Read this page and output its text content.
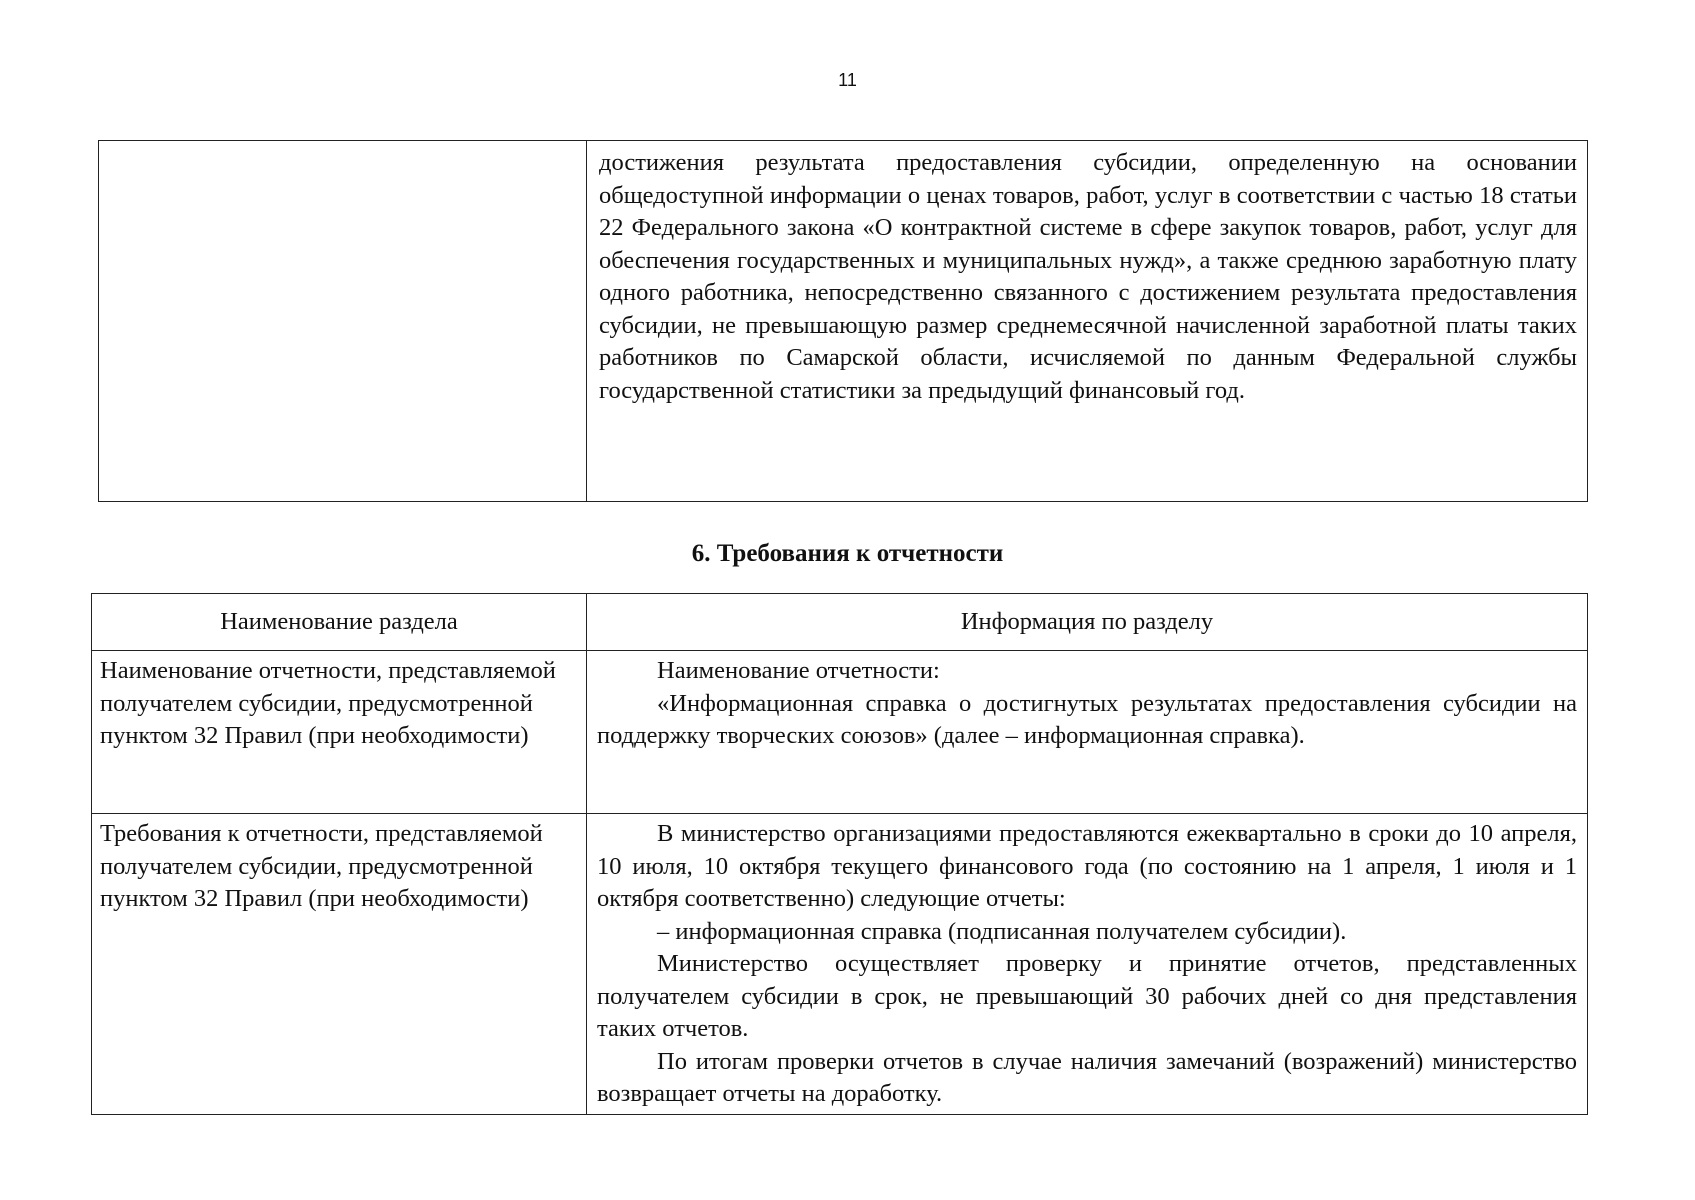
11

достижения результата предоставления субсидии, определенную на основании общедоступной информации о ценах товаров, работ, услуг в соответствии с частью 18 статьи 22 Федерального закона «О контрактной системе в сфере закупок товаров, работ, услуг для обеспечения государственных и муниципальных нужд», а также среднюю заработную плату одного работника, непосредственно связанного с достижением результата предоставления субсидии, не превышающую размер среднемесячной начисленной заработной платы таких работников по Самарской области, исчисляемой по данным Федеральной службы государственной статистики за предыдущий финансовый год.

6. Требования к отчетности
Наименование раздела	Информация по разделу

Наименование отчетности, представляемой получателем субсидии, предусмотренной пунктом 32 Правил (при необходимости)	Наименование отчетности:

«Информационная справка о достигнутых результатах предоставления субсидии на поддержку творческих союзов» (далее – информационная справка).

Требования к отчетности, представляемой получателем субсидии, предусмотренной пунктом 32 Правил (при необходимости)	В министерство организациями предоставляются ежеквартально в сроки до 10 апреля, 10 июля, 10 октября текущего финансового года (по состоянию на 1 апреля, 1 июля и 1 октября соответственно) следующие отчеты:

– информационная справка (подписанная получателем субсидии).

Министерство осуществляет проверку и принятие отчетов, представленных получателем субсидии в срок, не превышающий 30 рабочих дней со дня представления таких отчетов.

По итогам проверки отчетов в случае наличия замечаний (возражений) министерство возвращает отчеты на доработку.
